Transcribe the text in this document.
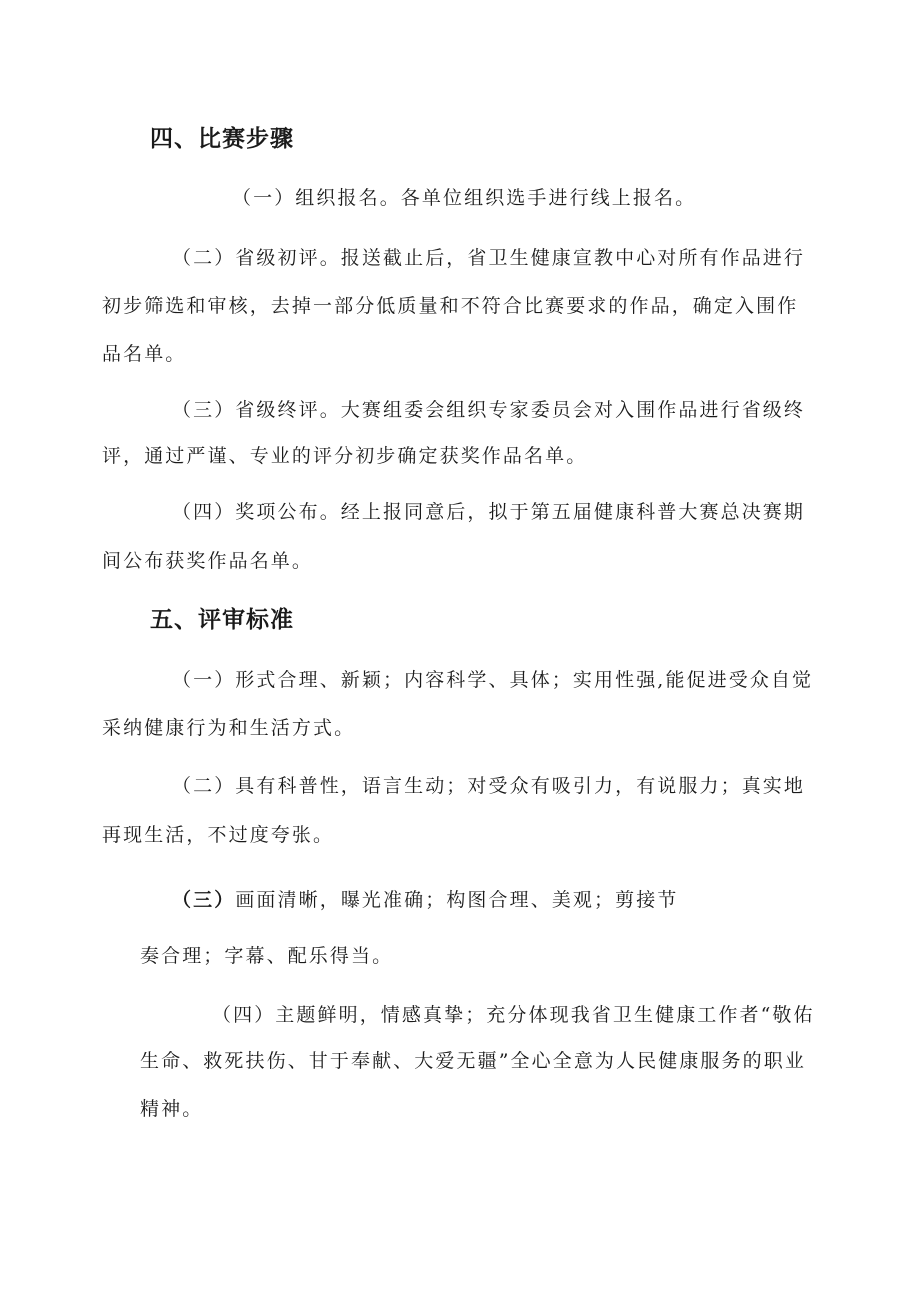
四、比赛步骤

（一）组织报名。各单位组织选手进行线上报名。

（二）省级初评。报送截止后，省卫生健康宣教中心对所有作品进行

初步筛选和审核，去掉一部分低质量和不符合比赛要求的作品，确定入围作

品名单。

（三）省级终评。大赛组委会组织专家委员会对入围作品进行省级终

评，通过严谨、专业的评分初步确定获奖作品名单。

（四）奖项公布。经上报同意后，拟于第五届健康科普大赛总决赛期

间公布获奖作品名单。

五、评审标准

（一）形式合理、新颖；内容科学、具体；实用性强,能促进受众自觉

采纳健康行为和生活方式。

（二）具有科普性，语言生动；对受众有吸引力，有说服力；真实地

再现生活，不过度夸张。

（三）画面清晰，曝光准确；构图合理、美观；剪接节

奏合理；字幕、配乐得当。

（四）主题鲜明，情感真挚；充分体现我省卫生健康工作者“敬佑

生命、救死扶伤、甘于奉献、大爱无疆”全心全意为人民健康服务的职业

精神。
